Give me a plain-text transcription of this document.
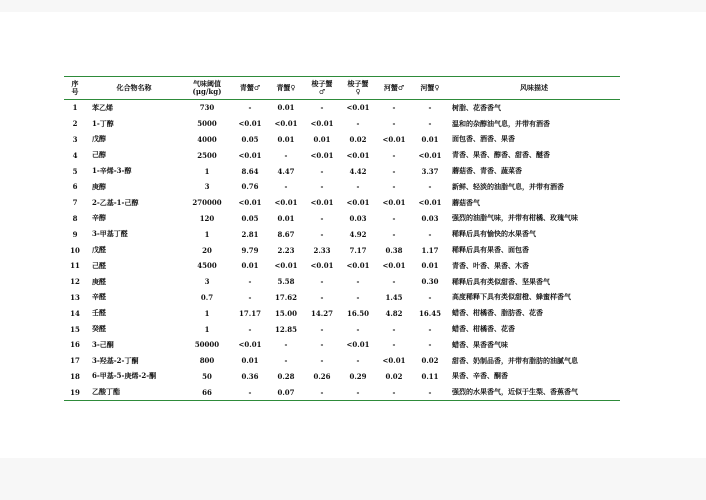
序号	化合物名称	气味阈值(μg/kg)	青蟹♂	青蟹♀	梭子蟹♂	梭子蟹♀	河蟹♂	河蟹♀	风味描述
1	苯乙烯	730	-	0.01	-	<0.01	-	-	树脂、花香香气
2	1-丁醇	5000	<0.01	<0.01	<0.01	-	-	-	温和的杂醇油气息，并带有酒香
3	戊醇	4000	0.05	0.01	0.01	0.02	<0.01	0.01	面包香、酒香、果香
4	己醇	2500	<0.01	-	<0.01	<0.01	-	<0.01	青香、果香、醇香、甜香、醚香
5	1-辛烯-3-醇	1	8.64	4.47	-	4.42	-	3.37	蘑菇香、青香、蔬菜香
6	庚醇	3	0.76	-	-	-	-	-	新鲜、轻淡的油脂气息，并带有酒香
7	2-乙基-1-己醇	270000	<0.01	<0.01	<0.01	<0.01	<0.01	<0.01	蘑菇香气
8	辛醇	120	0.05	0.01	-	0.03	-	0.03	强烈的油脂气味，并带有柑橘、玫瑰气味
9	3-甲基丁醛	1	2.81	8.67	-	4.92	-	-	稀释后具有愉快的水果香气
10	戊醛	20	9.79	2.23	2.33	7.17	0.38	1.17	稀释后具有果香、面包香
11	己醛	4500	0.01	<0.01	<0.01	<0.01	<0.01	0.01	青香、叶香、果香、木香
12	庚醛	3	-	5.58	-	-	-	0.30	稀释后具有类似甜香、坚果香气
13	辛醛	0.7	-	17.62	-	-	1.45	-	高度稀释下具有类似甜橙、蜂蜜样香气
14	壬醛	1	17.17	15.00	14.27	16.50	4.82	16.45	蜡香、柑橘香、脂肪香、花香
15	癸醛	1	-	12.85	-	-	-	-	蜡香、柑橘香、花香
16	3-己酮	50000	<0.01	-	-	<0.01	-	-	蜡香、果香香气味
17	3-羟基-2-丁酮	800	0.01	-	-	-	<0.01	0.02	甜香、奶制品香，并带有脂肪的油腻气息
18	6-甲基-5-庚烯-2-酮	50	0.36	0.28	0.26	0.29	0.02	0.11	果香、辛香、酮香
19	乙酸丁酯	66	-	0.07	-	-	-	-	强烈的水果香气，近似于生梨、香蕉香气
